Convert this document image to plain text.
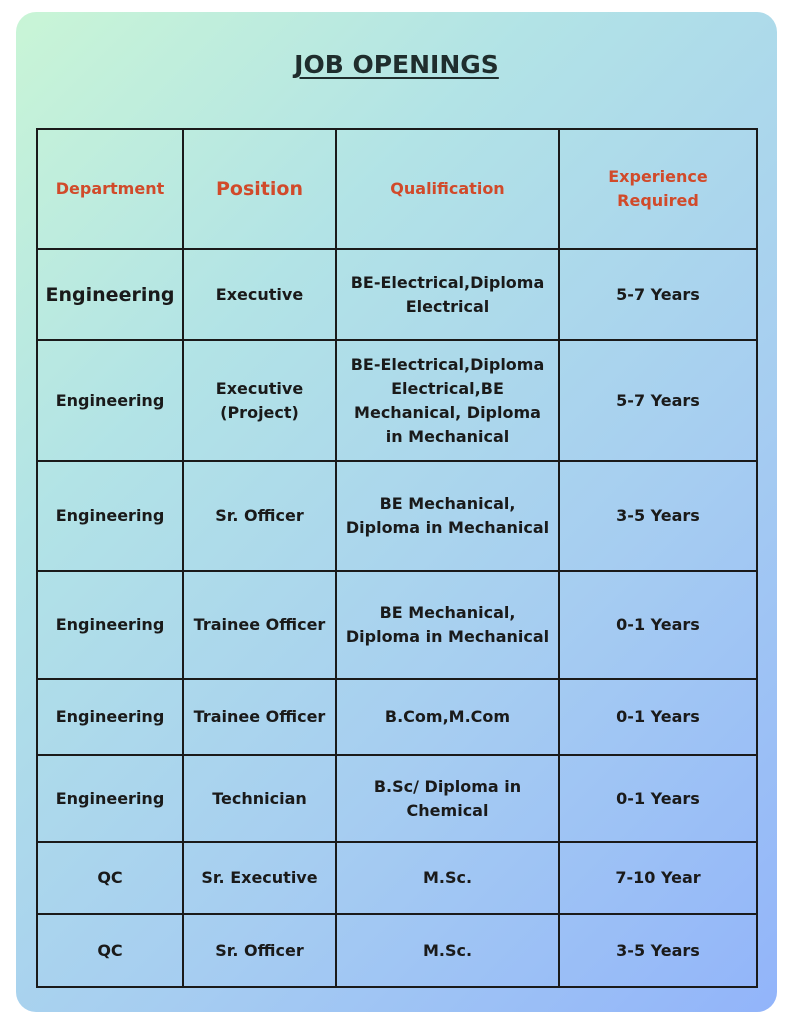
JOB OPENINGS
Department	Position	Qualification	Experience Required
Engineering	Executive	BE-Electrical,Diploma Electrical	5-7 Years
Engineering	Executive (Project)	BE-Electrical,Diploma Electrical,BE Mechanical, Diploma in Mechanical	5-7 Years
Engineering	Sr. Officer	BE Mechanical, Diploma in Mechanical	3-5 Years
Engineering	Trainee Officer	BE Mechanical, Diploma in Mechanical	0-1 Years
Engineering	Trainee Officer	B.Com,M.Com	0-1 Years
Engineering	Technician	B.Sc/ Diploma in Chemical	0-1 Years
QC	Sr. Executive	M.Sc.	7-10 Year
QC	Sr. Officer	M.Sc.	3-5 Years
